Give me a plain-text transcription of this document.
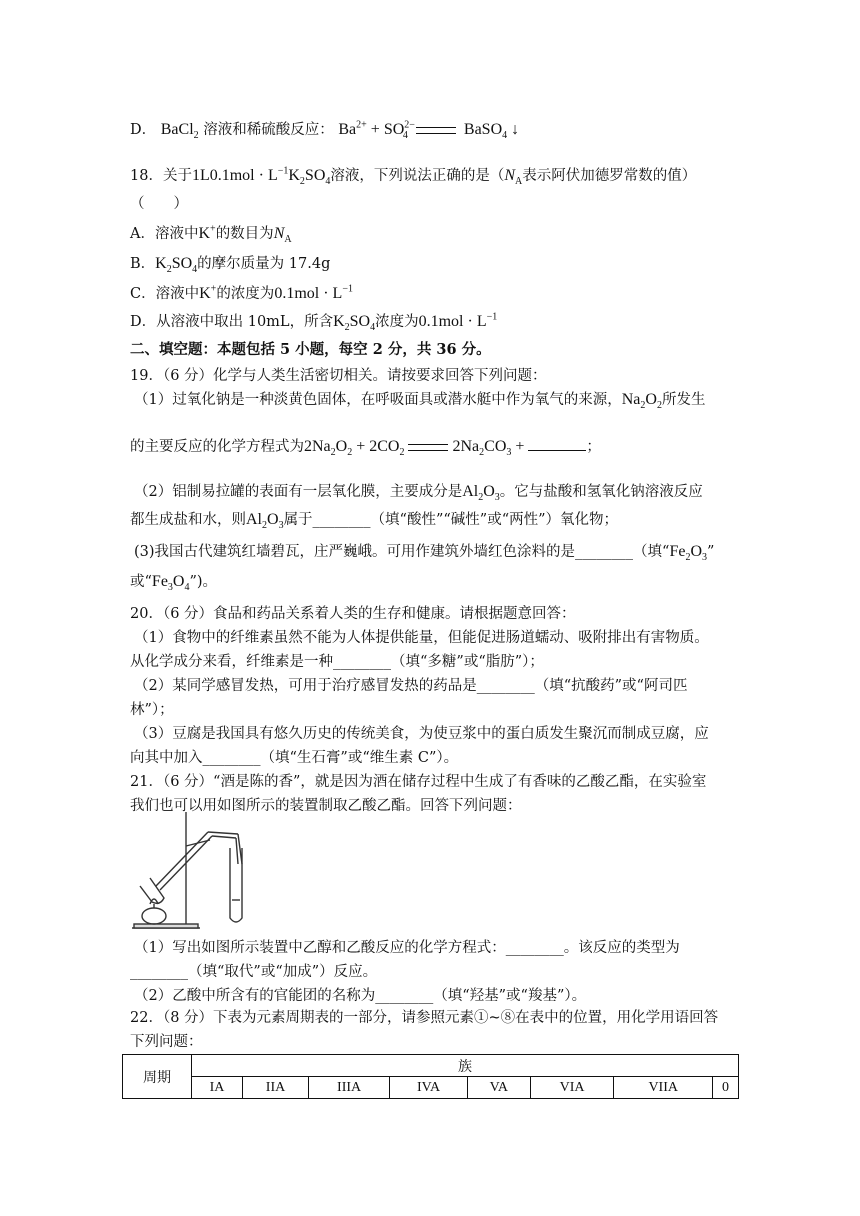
D． BaCl$_2$ 溶液和稀硫酸反应： $Ba^{2+} + SO^{2-}_4$	BaSO$_4$ ↓
18．关于$1L0.1mol \cdot L^{-1}K_2SO_4$溶液，下列说法正确的是（$N_A$表示阿伏加德罗常数的值）
（　　）
A．溶液中K+的数目为$N_A$
B．$K_2SO_4$的摩尔质量为 17.4g
C．溶液中K+的浓度为$0.1mol \cdot L^{-1}$
D．从溶液中取出 10mL，所含$K_2SO_4$浓度为$0.1mol \cdot L^{-1}$
二、填空题：本题包括 5 小题，每空 2 分，共 36 分。
19．（6 分）化学与人类生活密切相关。请按要求回答下列问题：
（1）过氧化钠是一种淡黄色固体，在呼吸面具或潜水艇中作为氧气的来源，$Na_2O_2$所发生
的主要反应的化学方程式为$2Na_2O_2 + 2CO_2$	$2Na_2CO_3$ +	；
（2）铝制易拉罐的表面有一层氧化膜，主要成分是$Al_2O_3$。它与盐酸和氢氧化钠溶液反应
都生成盐和水，则$Al_2O_3$属于________（填“酸性”“碱性”或“两性”）氧化物；
(3)我国古代建筑红墙碧瓦，庄严巍峨。可用作建筑外墙红色涂料的是________（填“$Fe_2O_3$”
或“$Fe_3O_4$”)。
20．（6 分）食品和药品关系着人类的生存和健康。请根据题意回答：
（1）食物中的纤维素虽然不能为人体提供能量，但能促进肠道蠕动、吸附排出有害物质。
从化学成分来看，纤维素是一种________（填“多糖”或“脂肪”）；
（2）某同学感冒发热，可用于治疗感冒发热的药品是________（填“抗酸药”或“阿司匹
林”）；
（3）豆腐是我国具有悠久历史的传统美食，为使豆浆中的蛋白质发生聚沉而制成豆腐，应
向其中加入________（填“生石膏”或“维生素 C”）。
21．（6 分）“酒是陈的香”，就是因为酒在储存过程中生成了有香味的乙酸乙酯，在实验室
我们也可以用如图所示的装置制取乙酸乙酯。回答下列问题：
（1）写出如图所示装置中乙醇和乙酸反应的化学方程式：________。该反应的类型为
________（填“取代”或“加成”）反应。
（2）乙酸中所含有的官能团的名称为________（填“羟基”或“羧基”）。
22．（8 分）下表为元素周期表的一部分，请参照元素①~⑧在表中的位置，用化学用语回答
下列问题：
周期	族							
	IA	IIA	IIIA	IVA	VA	VIA	VIIA	0
